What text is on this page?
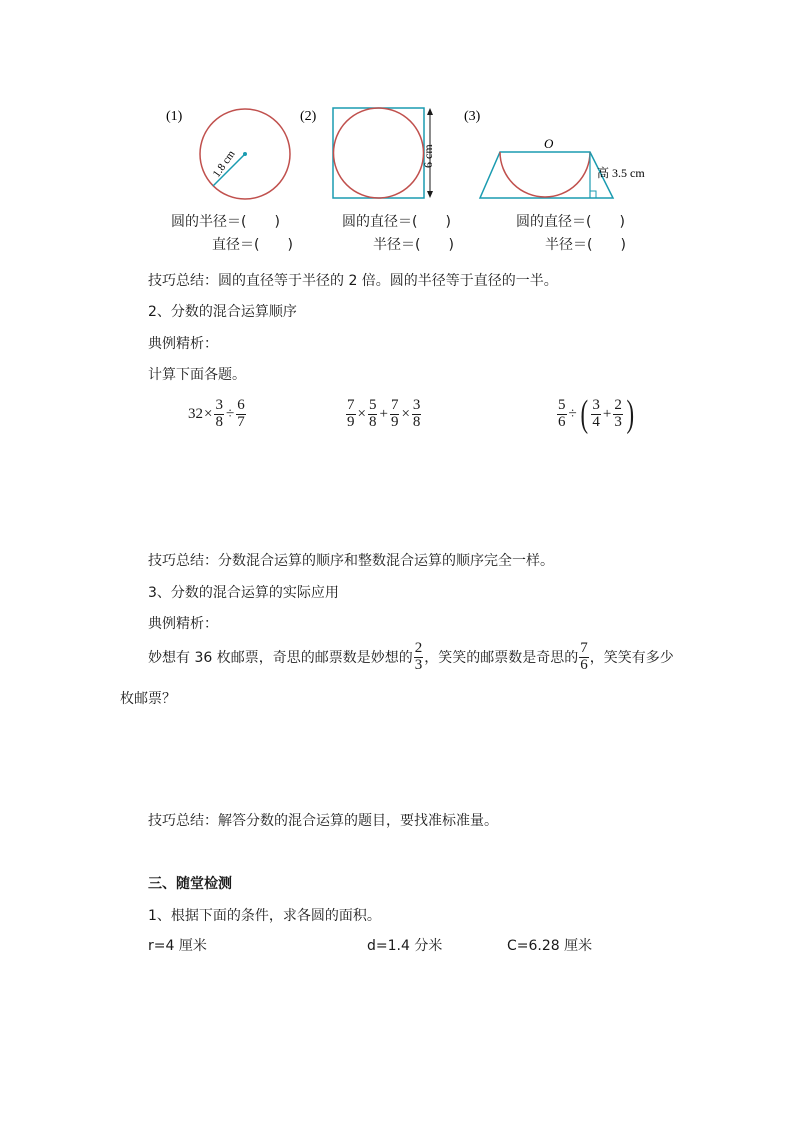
(1)
1.8 cm
(2)
6 cm
(3)
O
高 3.5 cm
圆的半径＝(　　)
直径＝(　　)
圆的直径＝(　　)
半径＝(　　)
圆的直径＝(　　)
半径＝(　　)
技巧总结：圆的直径等于半径的 2 倍。圆的半径等于直径的一半。
2、分数的混合运算顺序
典例精析：
计算下面各题。
$32 \times \frac{3}{8} \div \frac{6}{7}$	$\frac{7}{9} \times \frac{5}{8} + \frac{7}{9} \times \frac{3}{8}$	$\frac{5}{6}$ ÷ ( $\frac{3}{4} + \frac{2}{3}$ )
技巧总结：分数混合运算的顺序和整数混合运算的顺序完全一样。
3、分数的混合运算的实际应用
典例精析：
妙想有 36 枚邮票，奇思的邮票数是妙想的 $\frac{2}{3}$ ，笑笑的邮票数是奇思的 $\frac{7}{6}$ ，笑笑有多少
枚邮票？
技巧总结：解答分数的混合运算的题目，要找准标准量。
三、随堂检测
1、根据下面的条件，求各圆的面积。
r=4 厘米	d=1.4 分米	C=6.28 厘米
